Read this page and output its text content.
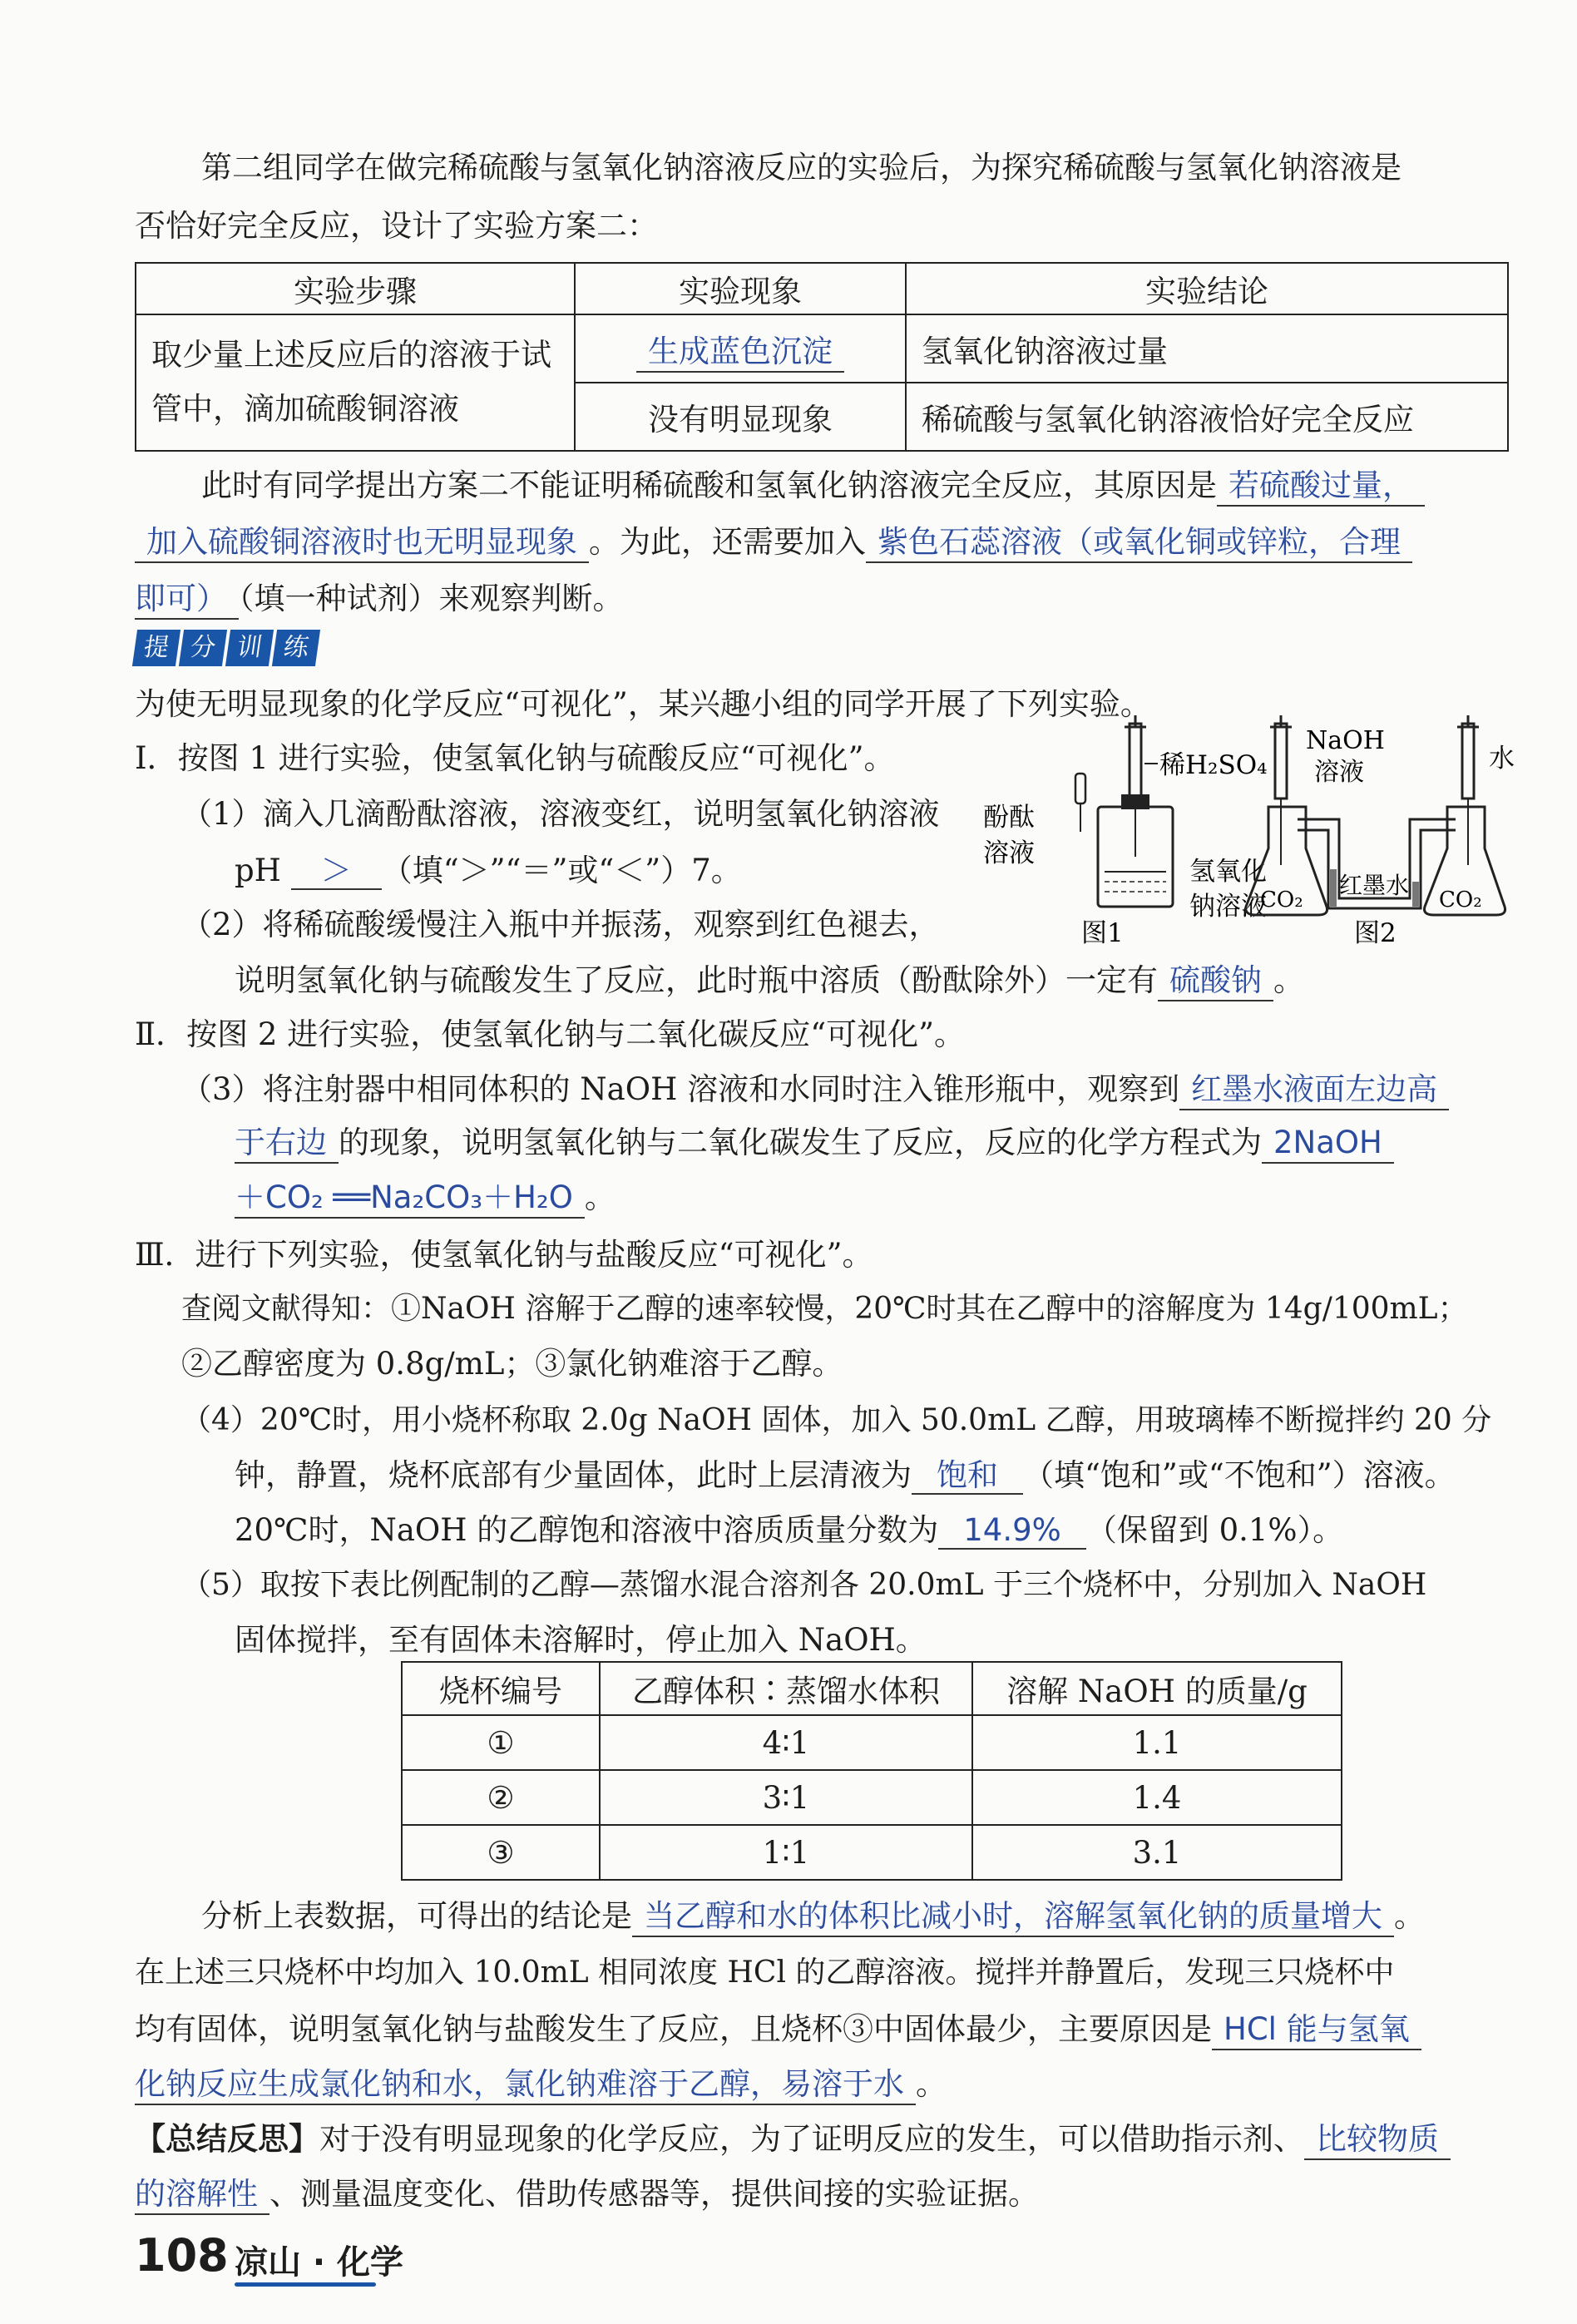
第二组同学在做完稀硫酸与氢氧化钠溶液反应的实验后，为探究稀硫酸与氢氧化钠溶液是
否恰好完全反应，设计了实验方案二：
实验步骤	实验现象	实验结论

取少量上述反应后的溶液于试
管中，滴加硫酸铜溶液	生成蓝色沉淀	氢氧化钠溶液过量
	没有明显现象	稀硫酸与氢氧化钠溶液恰好完全反应
此时有同学提出方案二不能证明稀硫酸和氢氧化钠溶液完全反应，其原因是 若硫酸过量，
加入硫酸铜溶液时也无明显现象 。为此，还需要加入 紫色石蕊溶液（或氧化铜或锌粒，合理
即可） （填一种试剂）来观察判断。
提 分 训 练
为使无明显现象的化学反应“可视化”，某兴趣小组的同学开展了下列实验。
Ⅰ．按图 1 进行实验，使氢氧化钠与硫酸反应“可视化”。
（1）滴入几滴酚酞溶液，溶液变红，说明氢氧化钠溶液
pH ＞ （填“＞”“＝”或“＜”）7。
（2）将稀硫酸缓慢注入瓶中并振荡，观察到红色褪去，
说明氢氧化钠与硫酸发生了反应，此时瓶中溶质（酚酞除外）一定有 硫酸钠 。
稀H₂SO₄
酚酞
溶液
氢氧化
钠溶液
图1
NaOH
溶液	水
CO₂	CO₂
红墨水
图2
Ⅱ．按图 2 进行实验，使氢氧化钠与二氧化碳反应“可视化”。
（3）将注射器中相同体积的 NaOH 溶液和水同时注入锥形瓶中，观察到 红墨水液面左边高
于右边 的现象，说明氢氧化钠与二氧化碳发生了反应，反应的化学方程式为 2NaOH
＋CO₂ ══Na₂CO₃＋H₂O 。
Ⅲ．进行下列实验，使氢氧化钠与盐酸反应“可视化”。
查阅文献得知：①NaOH 溶解于乙醇的速率较慢，20℃时其在乙醇中的溶解度为 14g/100mL；
②乙醇密度为 0.8g/mL；③氯化钠难溶于乙醇。
（4）20℃时，用小烧杯称取 2.0g NaOH 固体，加入 50.0mL 乙醇，用玻璃棒不断搅拌约 20 分
钟，静置，烧杯底部有少量固体，此时上层清液为 饱和 （填“饱和”或“不饱和”）溶液。
20℃时，NaOH 的乙醇饱和溶液中溶质质量分数为 14.9% （保留到 0.1%）。
（5）取按下表比例配制的乙醇—蒸馏水混合溶剂各 20.0mL 于三个烧杯中，分别加入 NaOH
固体搅拌，至有固体未溶解时，停止加入 NaOH。
烧杯编号	乙醇体积∶蒸馏水体积	溶解 NaOH 的质量/g
①	4∶1	1.1
②	3∶1	1.4
③	1∶1	3.1
分析上表数据，可得出的结论是 当乙醇和水的体积比减小时，溶解氢氧化钠的质量增大 。
在上述三只烧杯中均加入 10.0mL 相同浓度 HCl 的乙醇溶液。搅拌并静置后，发现三只烧杯中
均有固体，说明氢氧化钠与盐酸发生了反应，且烧杯③中固体最少，主要原因是 HCl 能与氢氧
化钠反应生成氯化钠和水，氯化钠难溶于乙醇，易溶于水 。
【总结反思】对于没有明显现象的化学反应，为了证明反应的发生，可以借助指示剂、 比较物质
的溶解性 、测量温度变化、借助传感器等，提供间接的实验证据。
108 凉山 · 化学
